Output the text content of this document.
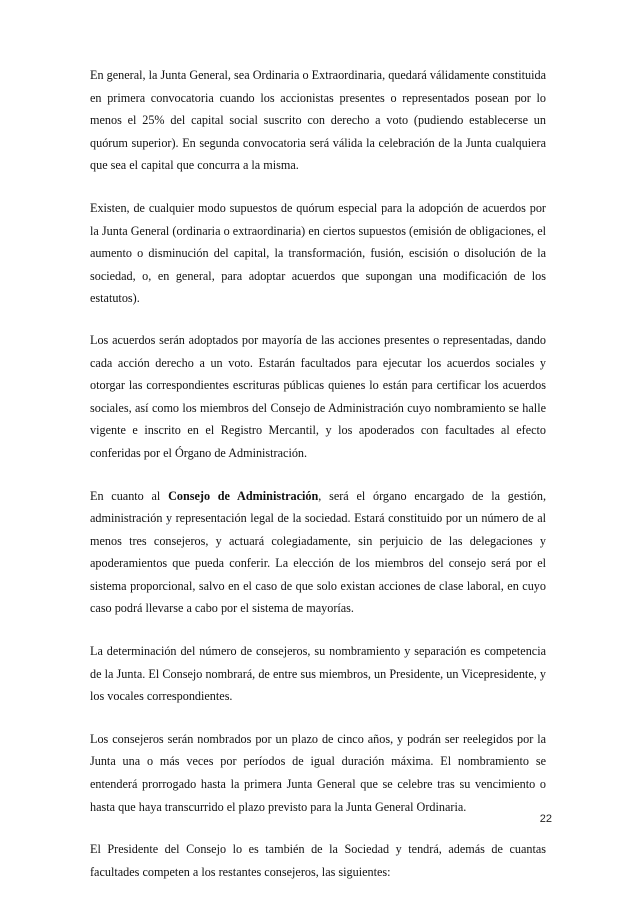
En general, la Junta General, sea Ordinaria o Extraordinaria, quedará válidamente constituida en primera convocatoria cuando los accionistas presentes o representados posean por lo menos el 25% del capital social suscrito con derecho a voto (pudiendo establecerse un quórum superior). En segunda convocatoria será válida la celebración de la Junta cualquiera que sea el capital que concurra a la misma.

Existen, de cualquier modo supuestos de quórum especial para la adopción de acuerdos por la Junta General (ordinaria o extraordinaria) en ciertos supuestos (emisión de obligaciones, el aumento o disminución del capital, la transformación, fusión, escisión o disolución de la sociedad, o, en general, para adoptar acuerdos que supongan una modificación de los estatutos).

Los acuerdos serán adoptados por mayoría de las acciones presentes o representadas, dando cada acción derecho a un voto. Estarán facultados para ejecutar los acuerdos sociales y otorgar las correspondientes escrituras públicas quienes lo están para certificar los acuerdos sociales, así como los miembros del Consejo de Administración cuyo nombramiento se halle vigente e inscrito en el Registro Mercantil, y los apoderados con facultades al efecto conferidas por el Órgano de Administración.

En cuanto al Consejo de Administración, será el órgano encargado de la gestión, administración y representación legal de la sociedad. Estará constituido por un número de al menos tres consejeros, y actuará colegiadamente, sin perjuicio de las delegaciones y apoderamientos que pueda conferir. La elección de los miembros del consejo será por el sistema proporcional, salvo en el caso de que solo existan acciones de clase laboral, en cuyo caso podrá llevarse a cabo por el sistema de mayorías.

La determinación del número de consejeros, su nombramiento y separación es competencia de la Junta. El Consejo nombrará, de entre sus miembros, un Presidente, un Vicepresidente, y los vocales correspondientes.

Los consejeros serán nombrados por un plazo de cinco años, y podrán ser reelegidos por la Junta una o más veces por períodos de igual duración máxima. El nombramiento se entenderá prorrogado hasta la primera Junta General que se celebre tras su vencimiento o hasta que haya transcurrido el plazo previsto para la Junta General Ordinaria.

El Presidente del Consejo lo es también de la Sociedad y tendrá, además de cuantas facultades competen a los restantes consejeros, las siguientes:

22
